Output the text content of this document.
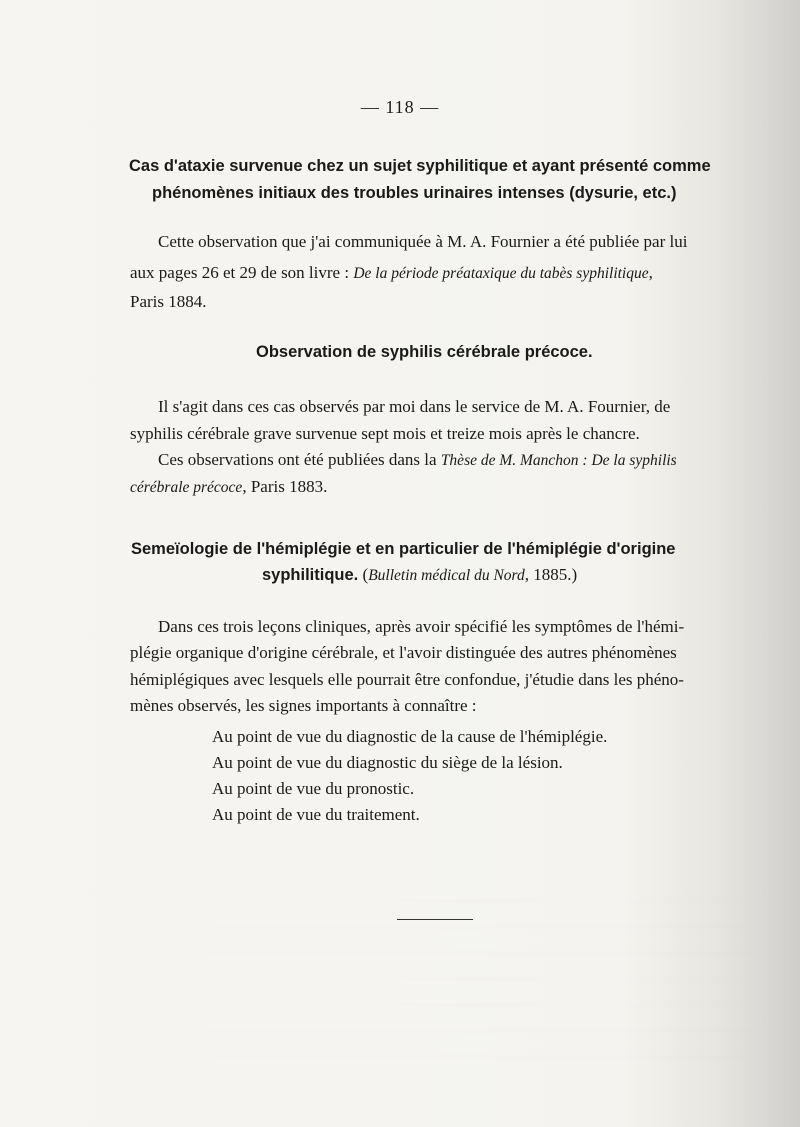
— 118 —
Cas d'ataxie survenue chez un sujet syphilitique et ayant présenté comme
phénomènes initiaux des troubles urinaires intenses (dysurie, etc.)
Cette observation que j'ai communiquée à M. A. Fournier a été publiée par lui
aux pages 26 et 29 de son livre : De la période préataxique du tabès syphilitique,
Paris 1884.
Observation de syphilis cérébrale précoce.
Il s'agit dans ces cas observés par moi dans le service de M. A. Fournier, de
syphilis cérébrale grave survenue sept mois et treize mois après le chancre.
Ces observations ont été publiées dans la Thèse de M. Manchon : De la syphilis
cérébrale précoce, Paris 1883.
Semeïologie de l'hémiplégie et en particulier de l'hémiplégie d'origine
syphilitique. (Bulletin médical du Nord, 1885.)
Dans ces trois leçons cliniques, après avoir spécifié les symptômes de l'hémi-
plégie organique d'origine cérébrale, et l'avoir distinguée des autres phénomènes
hémiplégiques avec lesquels elle pourrait être confondue, j'étudie dans les phéno-
mènes observés, les signes importants à connaître :
Au point de vue du diagnostic de la cause de l'hémiplégie.
Au point de vue du diagnostic du siège de la lésion.
Au point de vue du pronostic.
Au point de vue du traitement.
